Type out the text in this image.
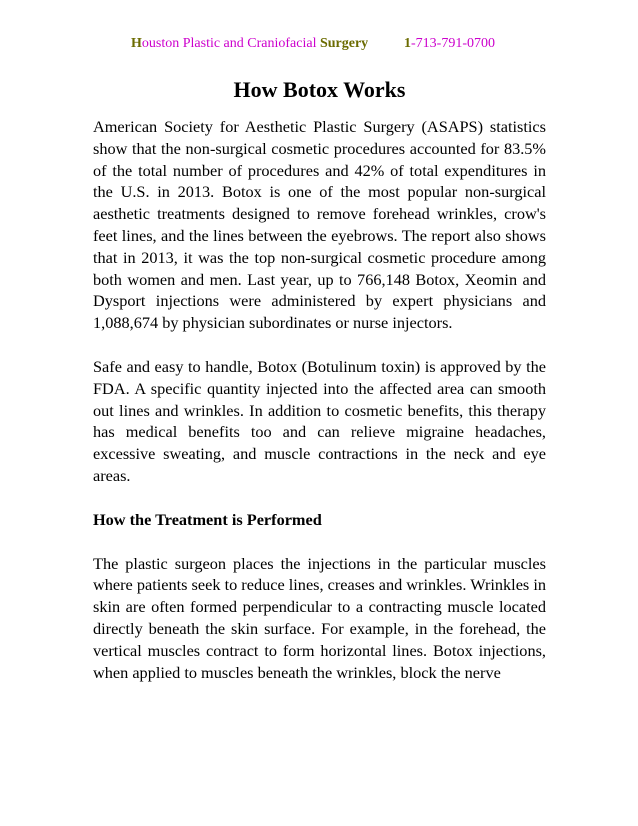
Houston Plastic and Craniofacial Surgery	1-713-791-0700
How Botox Works

American Society for Aesthetic Plastic Surgery (ASAPS) statistics show that the non-surgical cosmetic procedures accounted for 83.5% of the total number of procedures and 42% of total expenditures in the U.S. in 2013. Botox is one of the most popular non-surgical aesthetic treatments designed to remove forehead wrinkles, crow's feet lines, and the lines between the eyebrows. The report also shows that in 2013, it was the top non-surgical cosmetic procedure among both women and men. Last year, up to 766,148 Botox, Xeomin and Dysport injections were administered by expert physicians and 1,088,674 by physician subordinates or nurse injectors.

Safe and easy to handle, Botox (Botulinum toxin) is approved by the FDA. A specific quantity injected into the affected area can smooth out lines and wrinkles. In addition to cosmetic benefits, this therapy has medical benefits too and can relieve migraine headaches, excessive sweating, and muscle contractions in the neck and eye areas.

How the Treatment is Performed

The plastic surgeon places the injections in the particular muscles where patients seek to reduce lines, creases and wrinkles. Wrinkles in skin are often formed perpendicular to a contracting muscle located directly beneath the skin surface. For example, in the forehead, the vertical muscles contract to form horizontal lines. Botox injections, when applied to muscles beneath the wrinkles, block the nerve
